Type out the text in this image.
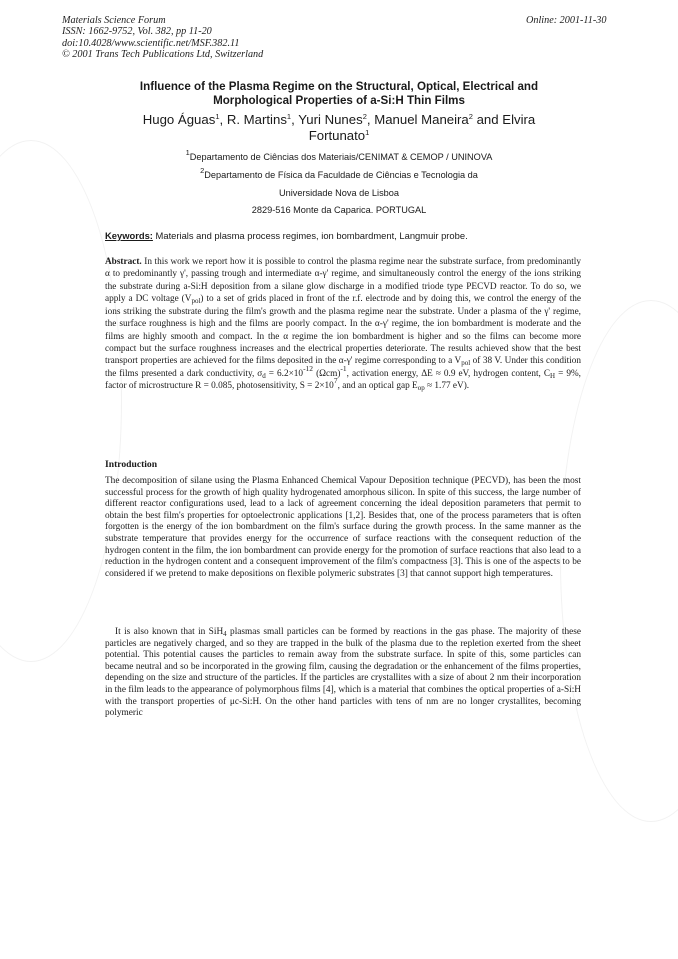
Materials Science Forum
ISSN: 1662-9752, Vol. 382, pp 11-20
doi:10.4028/www.scientific.net/MSF.382.11
© 2001 Trans Tech Publications Ltd, Switzerland
Online: 2001-11-30
Influence of the Plasma Regime on the Structural, Optical, Electrical and
Morphological Properties of a-Si:H Thin Films
Hugo Águas$^1$, R. Martins$^1$, Yuri Nunes$^2$, Manuel Maneira$^2$ and Elvira
Fortunato$^1$
$^1$Departamento de Ciências dos Materiais/CENIMAT & CEMOP / UNINOVA
$^2$Departamento de Física da Faculdade de Ciências e Tecnologia da
Universidade Nova de Lisboa
2829-516 Monte da Caparica. PORTUGAL
Keywords: Materials and plasma process regimes, ion bombardment, Langmuir probe.
Abstract. In this work we report how it is possible to control the plasma regime near the substrate surface, from predominantly α to predominantly γ', passing trough and intermediate α-γ' regime, and simultaneously control the energy of the ions striking the substrate during a-Si:H deposition from a silane glow discharge in a modified triode type PECVD reactor. To do so, we apply a DC voltage $(V_{pol})$ to a set of grids placed in front of the r.f. electrode and by doing this, we control the energy of the ions striking the substrate during the film's growth and the plasma regime near the substrate. Under a plasma of the γ' regime, the surface roughness is high and the films are poorly compact. In the α-γ' regime, the ion bombardment is moderate and the films are highly smooth and compact. In the α regime the ion bombardment is higher and so the films can become more compact but the surface roughness increases and the electrical properties deteriorate. The results achieved show that the best transport properties are achieved for the films deposited in the α-γ' regime corresponding to a $V_{pol}$ of 38 V. Under this condition the films presented a dark conductivity, $\sigma_d = 6.2\times 10^{-12}$ $(\Omega cm)^{-1}$, activation energy, ΔE ≈ 0.9 eV, hydrogen content, $C_H = 9\%$, factor of microstructure R = 0.085, photosensitivity, $S = 2\times 10^7$, and an optical gap $E_{op} \approx 1.77$ eV).
Introduction
The decomposition of silane using the Plasma Enhanced Chemical Vapour Deposition technique (PECVD), has been the most successful process for the growth of high quality hydrogenated amorphous silicon. In spite of this success, the large number of different reactor configurations used, lead to a lack of agreement concerning the ideal deposition parameters that permit to obtain the best film's properties for optoelectronic applications [1,2]. Besides that, one of the process parameters that is often forgotten is the energy of the ion bombardment on the film's surface during the growth process. In the same manner as the substrate temperature that provides energy for the occurrence of surface reactions with the consequent reduction of the hydrogen content in the film, the ion bombardment can provide energy for the promotion of surface reactions that also lead to a reduction in the hydrogen content and a consequent improvement of the film's compactness [3]. This is one of the aspects to be considered if we pretend to make depositions on flexible polymeric substrates [3] that cannot support high temperatures.
It is also known that in SiH$_4$ plasmas small particles can be formed by reactions in the gas phase. The majority of these particles are negatively charged, and so they are trapped in the bulk of the plasma due to the repletion exerted from the sheet potential. This potential causes the particles to remain away from the substrate surface. In spite of this, some particles can became neutral and so be incorporated in the growing film, causing the degradation or the enhancement of the films properties, depending on the size and structure of the particles. If the particles are crystallites with a size of about 2 nm their incorporation in the film leads to the appearance of polymorphous films [4], which is a material that combines the optical properties of a-Si:H with the transport properties of μc-Si:H. On the other hand particles with tens of nm are no longer crystallites, becoming polymeric
